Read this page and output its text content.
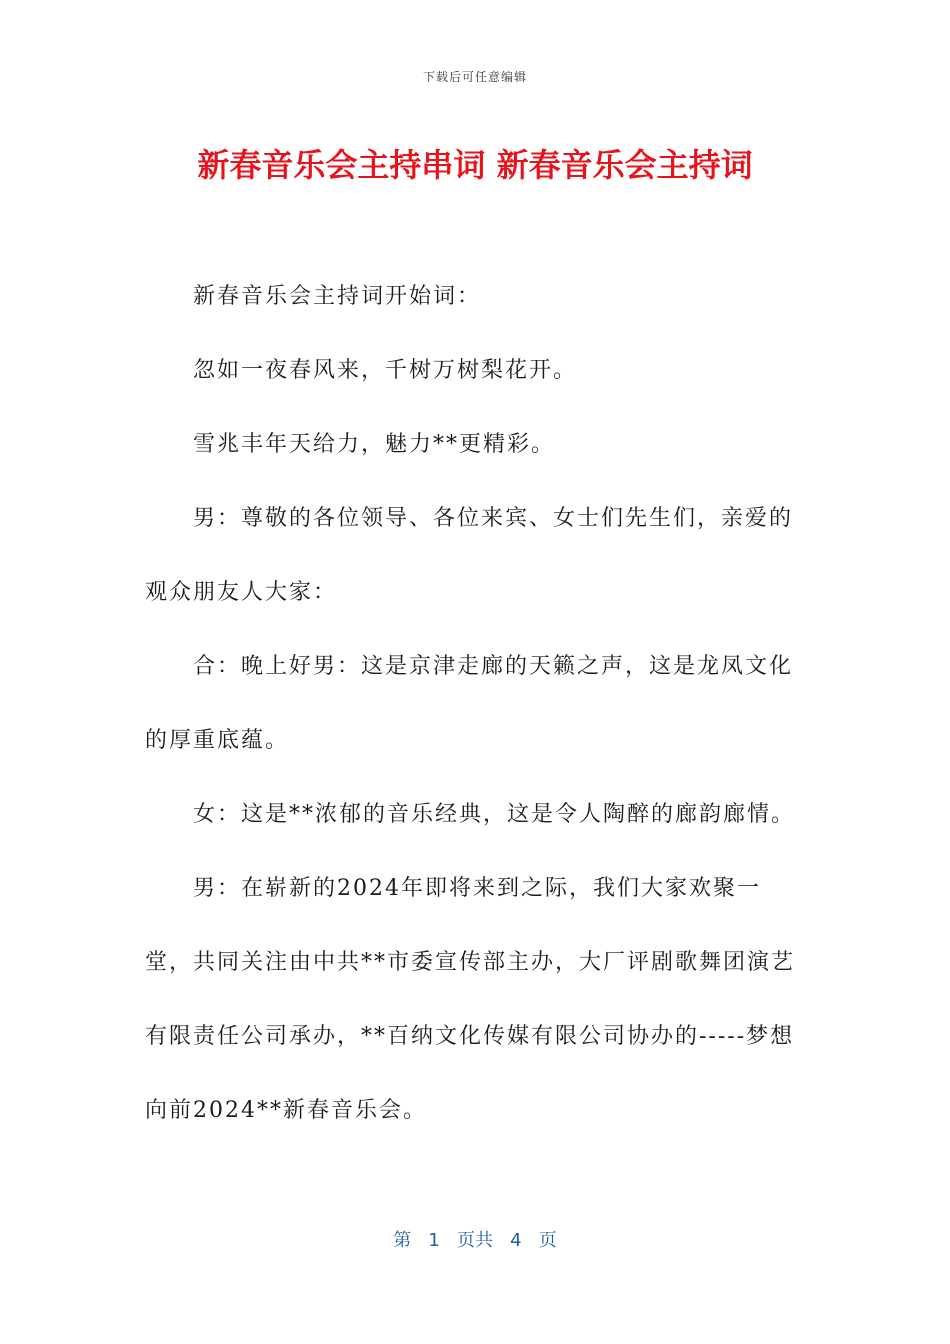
下载后可任意编辑
新春音乐会主持串词 新春音乐会主持词

新春音乐会主持词开始词：

忽如一夜春风来，千树万树梨花开。

雪兆丰年天给力，魅力**更精彩。

男：尊敬的各位领导、各位来宾、女士们先生们，亲爱的观众朋友人大家：

合：晚上好男：这是京津走廊的天籁之声，这是龙凤文化的厚重底蕴。

女：这是**浓郁的音乐经典，这是令人陶醉的廊韵廊情。

男：在崭新的2024年即将来到之际，我们大家欢聚一堂，共同关注由中共**市委宣传部主办，大厂评剧歌舞团演艺有限责任公司承办，**百纳文化传媒有限公司协办的-----梦想向前2024**新春音乐会。

第 1 页共 4 页
